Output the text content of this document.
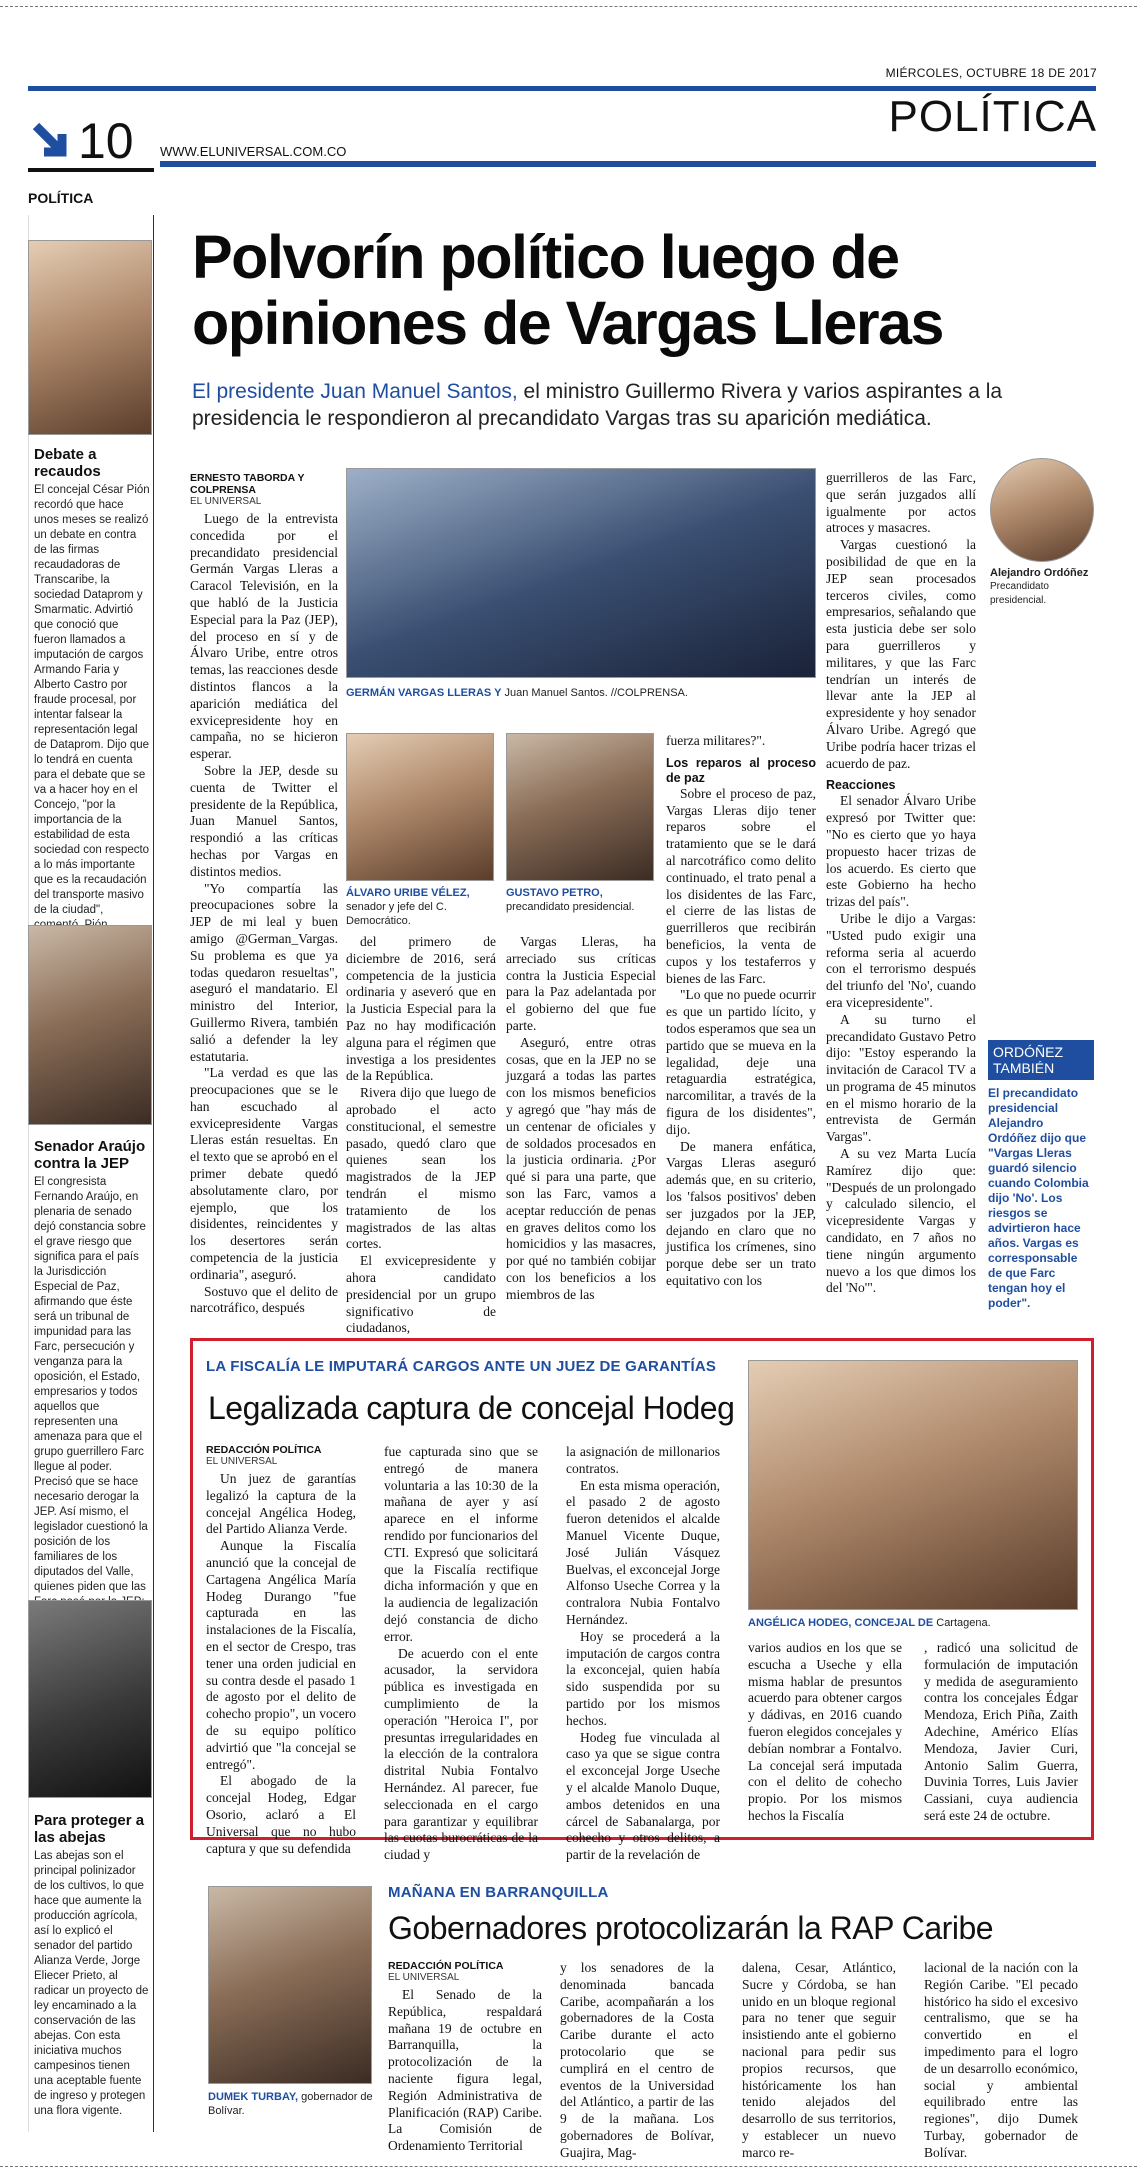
MIÉRCOLES, OCTUBRE 18 DE 2017
POLÍTICA
10 WWW.ELUNIVERSAL.COM.CO
POLÍTICA
Debate a recaudos
El concejal César Pión recordó que hace unos meses se realizó un debate en contra de las firmas recaudadoras de Transcaribe, la sociedad Dataprom y Smarmatic. Advirtió que conoció que fueron llamados a imputación de cargos Armando Faria y Alberto Castro por fraude procesal, por intentar falsear la representación legal de Dataprom. Dijo que lo tendrá en cuenta para el debate que se va a hacer hoy en el Concejo, "por la importancia de la estabilidad de esta sociedad con respecto a lo más importante que es la recaudación del transporte masivo de la ciudad",
Senador Araújo contra la JEP
El congresista Fernando Araújo, en plenaria de senado dejó constancia sobre el grave riesgo que significa para el país la Jurisdicción Especial de Paz, afirmando que éste será un tribunal de impunidad para las Farc, persecución y venganza para la oposición, el Estado, empresarios y todos aquellos que representen una amenaza para que el grupo guerrillero Farc llegue al poder. Precisó que se hace necesario derogar la JEP. Así mismo, el legislador cuestionó la posición de los familiares de los diputados del Valle, quienes piden que las
Para proteger a las abejas
Las abejas son el principal polinizador de los cultivos, lo que hace que aumente la producción agrícola, así lo explicó el senador del partido Alianza Verde, Jorge Eliecer Prieto, al radicar un proyecto de ley encaminado a la conservación de las abejas. Con esta iniciativa muchos campesinos tienen una aceptable fuente de ingreso y protegen una flora vigente.
Polvorín político luego de opiniones de Vargas Lleras
El presidente Juan Manuel Santos, el ministro Guillermo Rivera y varios aspirantes a la presidencia le respondieron al precandidato Vargas tras su aparición mediática.
ERNESTO TABORDA Y COLPRENSA
EL UNIVERSAL

Luego de la entrevista concedida por el precandidato presidencial Germán Vargas Lleras a Caracol Televisión, en la que habló de la Justicia Especial para la Paz (JEP), del proceso en sí y de Álvaro Uribe, entre otros temas, las reacciones desde distintos flancos a la aparición mediática del exvicepresidente hoy en campaña, no se hicieron esperar.

Sobre la JEP, desde su cuenta de Twitter el presidente de la República, Juan Manuel Santos, respondió a las críticas hechas por Vargas en distintos medios.

"Yo compartía las preocupaciones sobre la JEP de mi leal y buen amigo @German_Vargas. Su problema es que ya todas quedaron resueltas", aseguró el mandatario. El ministro del Interior, Guillermo Rivera, también salió a defender la ley estatutaria.

"La verdad es que las preocupaciones que se le han escuchado al exvicepresidente Vargas Lleras están resueltas. En el texto que se aprobó en el primer debate quedó absolutamente claro, por ejemplo, que los disidentes, reincidentes y los desertores serán competencia de la justicia ordinaria", aseguró.

Sostuvo que el delito de narcotráfico, después

GERMÁN VARGAS LLERAS Y Juan Manuel Santos. //COLPRENSA.
ÁLVARO URIBE VÉLEZ, senador y jefe del C. Democrático.
GUSTAVO PETRO, precandidato presidencial.

del primero de diciembre de 2016, será competencia de la justicia ordinaria y aseveró que en la Justicia Especial para la Paz no hay modificación alguna para el régimen que investiga a los presidentes de la República.

Rivera dijo que luego de aprobado el acto constitucional, el semestre pasado, quedó claro que quienes sean los magistrados de la JEP tendrán el mismo tratamiento de los magistrados de las altas cortes.

El exvicepresidente y ahora candidato presidencial por un grupo significativo de ciudadanos,

Vargas Lleras, ha arreciado sus críticas contra la Justicia Especial para la Paz adelantada por el gobierno del que fue parte.

Aseguró, entre otras cosas, que en la JEP no se juzgará a todas las partes con los mismos beneficios y agregó que "hay más de un centenar de oficiales y de soldados procesados en la justicia ordinaria. ¿Por qué si para una parte, que son las Farc, vamos a aceptar reducción de penas en graves delitos como los homicidios y las masacres, por qué no también cobijar con los beneficios a los miembros de las

fuerza militares?".
Los reparos al proceso de paz

Sobre el proceso de paz, Vargas Lleras dijo tener reparos sobre el tratamiento que se le dará al narcotráfico como delito continuado, el trato penal a los disidentes de las Farc, el cierre de las listas de guerrilleros que recibirán beneficios, la venta de cupos y los testaferros y bienes de las Farc.

"Lo que no puede ocurrir es que un partido lícito, y todos esperamos que sea un partido que se mueva en la legalidad, deje una retaguardia estratégica, narcomilitar, a través de la figura de los disidentes", dijo.

De manera enfática, Vargas Lleras aseguró además que, en su criterio, los 'falsos positivos' deben ser juzgados por la JEP, dejando en claro que no justifica los crímenes, sino porque debe ser un trato equitativo con los

guerrilleros de las Farc, que serán juzgados allí igualmente por actos atroces y masacres.

Vargas cuestionó la posibilidad de que en la JEP sean procesados terceros civiles, como empresarios, señalando que esta justicia debe ser solo para guerrilleros y militares, y que las Farc tendrían un interés de llevar ante la JEP al expresidente y hoy senador Álvaro Uribe. Agregó que Uribe podría hacer trizas el acuerdo de paz.

Reacciones

El senador Álvaro Uribe expresó por Twitter que: "No es cierto que yo haya propuesto hacer trizas de los acuerdo. Es cierto que este Gobierno ha hecho trizas del país".

Uribe le dijo a Vargas: "Usted pudo exigir una reforma seria al acuerdo con el terrorismo después del triunfo del 'No', cuando era vicepresidente".

A su turno el precandidato Gustavo Petro dijo: "Estoy esperando la invitación de Caracol TV a un programa de 45 minutos en el mismo horario de la entrevista de Germán Vargas".

A su vez Marta Lucía Ramírez dijo que: "Después de un prolongado y calculado silencio, el vicepresidente Vargas y candidato, en 7 años no tiene ningún argumento nuevo a los que dimos los del 'No'".

Alejandro Ordóñez
Precandidato presidencial.
ORDÓÑEZ TAMBIÉN
El precandidato presidencial Alejandro Ordóñez dijo que "Vargas Lleras guardó silencio cuando Colombia dijo 'No'. Los riesgos se advirtieron hace años. Vargas es corresponsable de que Farc tengan hoy el poder".
LA FISCALÍA LE IMPUTARÁ CARGOS ANTE UN JUEZ DE GARANTÍAS
Legalizada captura de concejal Hodeg
REDACCIÓN POLÍTICA
EL UNIVERSAL

Un juez de garantías legalizó la captura de la concejal Angélica Hodeg, del Partido Alianza Verde.

Aunque la Fiscalía anunció que la concejal de Cartagena Angélica María Hodeg Durango "fue capturada en las instalaciones de la Fiscalía, en el sector de Crespo, tras tener una orden judicial en su contra desde el pasado 1 de agosto por el delito de cohecho propio", un vocero de su equipo político advirtió que "la concejal se entregó".

El abogado de la concejal Hodeg, Edgar Osorio, aclaró a El Universal que no hubo captura y que su defendida

fue capturada sino que se entregó de manera voluntaria a las 10:30 de la mañana de ayer y así aparece en el informe rendido por funcionarios del CTI. Expresó que solicitará que la Fiscalía rectifique dicha información y que en la audiencia de legalización dejó constancia de dicho error.

De acuerdo con el ente acusador, la servidora pública es investigada en cumplimiento de la operación "Heroica I", por presuntas irregularidades en la elección de la contralora distrital Nubia Fontalvo Hernández. Al parecer, fue seleccionada en el cargo para garantizar y equilibrar las cuotas burocráticas de la ciudad y

la asignación de millonarios contratos.

En esta misma operación, el pasado 2 de agosto fueron detenidos el alcalde Manuel Vicente Duque, José Julián Vásquez Buelvas, el exconcejal Jorge Alfonso Useche Correa y la contralora Nubia Fontalvo Hernández.

Hoy se procederá a la imputación de cargos contra la exconcejal, quien había sido suspendida por su partido por los mismos hechos.

Hodeg fue vinculada al caso ya que se sigue contra el exconcejal Jorge Useche y el alcalde Manolo Duque, ambos detenidos en una cárcel de Sabanalarga, por cohecho y otros delitos, a partir de la revelación de

ANGÉLICA HODEG, CONCEJAL DE Cartagena.
varios audios en los que se escucha a Useche y ella misma hablar de presuntos acuerdo para obtener cargos y dádivas, en 2016 cuando fueron elegidos concejales y debían nombrar a Fontalvo. La concejal será imputada con el delito de cohecho propio. Por los mismos hechos la Fiscalía
, radicó una solicitud de formulación de imputación y medida de aseguramiento contra los concejales Édgar Mendoza, Erich Piña, Zaith Adechine, Américo Elías Mendoza, Javier Curi, Antonio Salim Guerra, Duvinia Torres, Luis Javier Cassiani, cuya audiencia será este 24 de octubre.
DUMEK TURBAY, gobernador de Bolívar.
MAÑANA EN BARRANQUILLA
Gobernadores protocolizarán la RAP Caribe
REDACCIÓN POLÍTICA
EL UNIVERSAL

El Senado de la República, respaldará mañana 19 de octubre en Barranquilla, la protocolización de la naciente figura legal, Región Administrativa de Planificación (RAP) Caribe. La Comisión de Ordenamiento Territorial

y los senadores de la denominada bancada Caribe, acompañarán a los gobernadores de la Costa Caribe durante el acto protocolario que se cumplirá en el centro de eventos de la Universidad del Atlántico, a partir de las 9 de la mañana. Los gobernadores de Bolívar, Guajira, Mag-
dalena, Cesar, Atlántico, Sucre y Córdoba, se han unido en un bloque regional para no tener que seguir insistiendo ante el gobierno nacional para pedir sus propios recursos, que históricamente los han tenido alejados del desarrollo de sus territorios, y establecer un nuevo marco re-
lacional de la nación con la Región Caribe. "El pecado histórico ha sido el excesivo centralismo, que se ha convertido en el impedimento para el logro de un desarrollo económico, social y ambiental equilibrado entre las regiones", dijo Dumek Turbay, gobernador de Bolívar.
